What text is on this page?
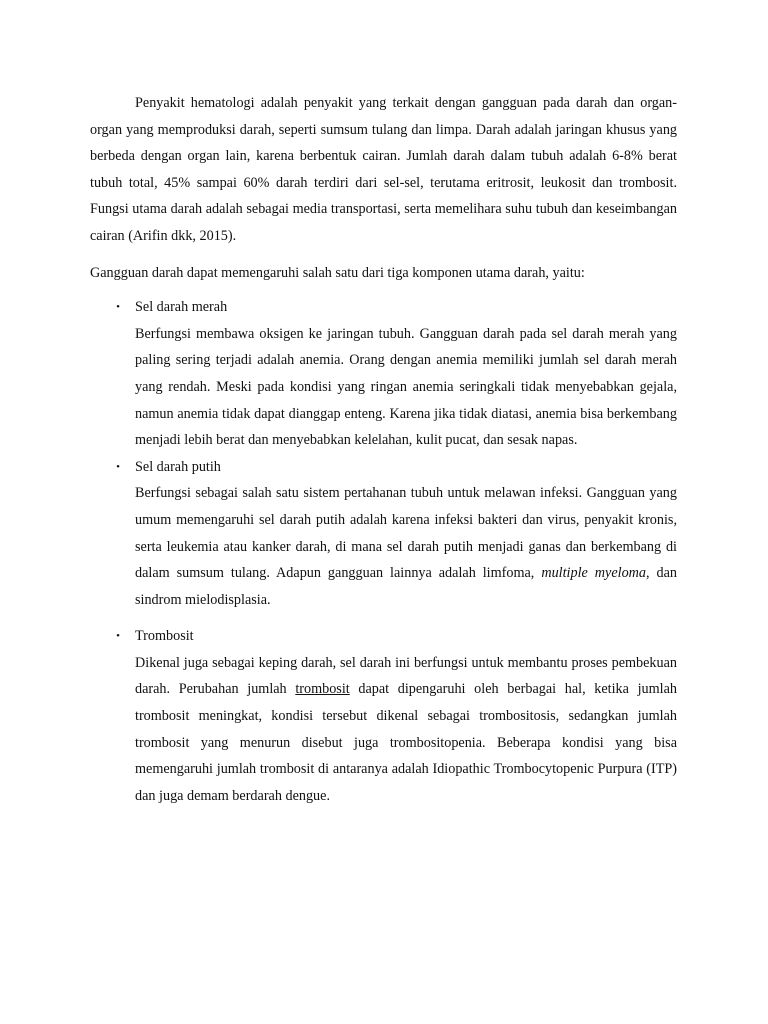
Penyakit hematologi adalah penyakit yang terkait dengan gangguan pada darah dan organ-organ yang memproduksi darah, seperti sumsum tulang dan limpa. Darah adalah jaringan khusus yang berbeda dengan organ lain, karena berbentuk cairan. Jumlah darah dalam tubuh adalah 6-8% berat tubuh total, 45% sampai 60% darah terdiri dari sel-sel, terutama eritrosit, leukosit dan trombosit. Fungsi utama darah adalah sebagai media transportasi, serta memelihara suhu tubuh dan keseimbangan cairan (Arifin dkk, 2015).

Gangguan darah dapat memengaruhi salah satu dari tiga komponen utama darah, yaitu:

• Sel darah merah

Berfungsi membawa oksigen ke jaringan tubuh. Gangguan darah pada sel darah merah yang paling sering terjadi adalah anemia. Orang dengan anemia memiliki jumlah sel darah merah yang rendah. Meski pada kondisi yang ringan anemia seringkali tidak menyebabkan gejala, namun anemia tidak dapat dianggap enteng. Karena jika tidak diatasi, anemia bisa berkembang menjadi lebih berat dan menyebabkan kelelahan, kulit pucat, dan sesak napas.

• Sel darah putih

Berfungsi sebagai salah satu sistem pertahanan tubuh untuk melawan infeksi. Gangguan yang umum memengaruhi sel darah putih adalah karena infeksi bakteri dan virus, penyakit kronis, serta leukemia atau kanker darah, di mana sel darah putih menjadi ganas dan berkembang di dalam sumsum tulang. Adapun gangguan lainnya adalah limfoma, multiple myeloma, dan sindrom mielodisplasia.

• Trombosit

Dikenal juga sebagai keping darah, sel darah ini berfungsi untuk membantu proses pembekuan darah. Perubahan jumlah trombosit dapat dipengaruhi oleh berbagai hal, ketika jumlah trombosit meningkat, kondisi tersebut dikenal sebagai trombositosis, sedangkan jumlah trombosit yang menurun disebut juga trombositopenia. Beberapa kondisi yang bisa memengaruhi jumlah trombosit di antaranya adalah Idiopathic Trombocytopenic Purpura (ITP) dan juga demam berdarah dengue.
